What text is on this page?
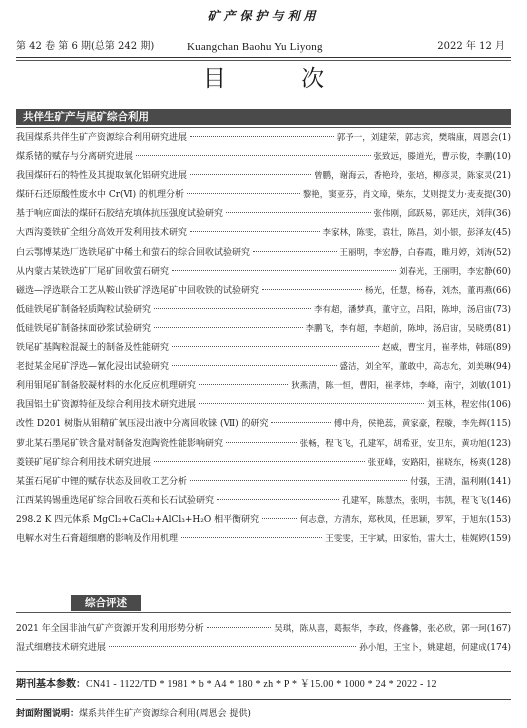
矿产保护与利用
第 42 卷 第 6 期(总第 242 期)	Kuangchan Baohu Yu Liyong	2022 年 12 月
目 次
共伴生矿产与尾矿综合利用
我国煤系共伴生矿产资源综合利用研究进展	郭予一，刘建荣，郭志宾，樊瑞康，周恩会 (1)
煤系锗的赋存与分离研究进展	张致远，滕道光，曹示俊，李鹏 (10)
我国煤矸石的特性及其提取氧化铝研究进展	曾鹏，谢海云，香艳玲，张培，柳彦灵，陈家灵 (21)
煤矸石还原酸性废水中 Cr(Ⅵ) 的机理分析	黎艳，窦亚芬，肖文璋，柴东，艾则提艾力·麦麦提 (30)
基于响应面法的煤矸石胶结充填体抗压强度试验研究	张伟刚，邱跃易，郭廷庆，刘萍 (36)
大西沟菱铁矿全组分高效开发利用技术研究	李家林，陈雯，袁壮，陈昌，刘小银，彭泽友 (45)
白云鄂博某选厂选铁尾矿中稀土和萤石的综合回收试验研究	王丽明，李宏静，白春霞，睢月婷，刘涛 (52)
从内蒙古某铁选矿厂尾矿回收萤石研究	刘春光，王丽明，李宏静 (60)
磁选—浮选联合工艺从鞍山铁矿浮选尾矿中回收铁的试验研究	杨光，任慧，杨春，刘杰，董再燕 (66)
低硅铁尾矿制备轻质陶粒试验研究	李有超，潘梦真，董守立，吕阳，陈坤，汤启宙 (73)
低硅铁尾矿制备抹面砂浆试验研究	李鹏飞，李有超，李超前，陈坤，汤启宙，吴晓勇 (81)
铁尾矿基陶粒混凝土的制备及性能研究	赵威，曹宝月，崔孝炜，韩瑶 (89)
老挝某金尾矿浮选—氰化浸出试验研究	盛洁，刘全军，董敢中，高志允，刘美琳 (94)
利用钼尾矿制备胶凝材料的水化反应机理研究	狄燕清，陈一恒，曹阳，崔孝炜，李峰，南宁，刘敏 (101)
我国铝土矿资源特征及综合利用技术研究进展	刘玉林，程宏伟 (106)
改性 D201 树脂从钼精矿氧压浸出液中分离回收铼 (Ⅶ) 的研究	傅中舟，侯艳蕊，黄家豪，程璇，李先辉 (115)
萝北某石墨尾矿铁含量对制备发泡陶瓷性能影响研究	张畅，程飞飞，孔建军，胡希亚，安卫东，黄功旭 (123)
菱镁矿尾矿综合利用技术研究进展	张亚峰，安路阳，崔晓东，杨爽 (128)
某蛋石尾矿中锂的赋存状态及回收工艺分析	付强，王清，温利刚 (141)
江西某钨锡重选尾矿综合回收石英和长石试验研究	孔建军，陈慧杰，张明，韦凯，程飞飞 (146)
298.2 K 四元体系 MgCl₂+CaCl₂+AlCl₃+H₂O 相平衡研究	何志意，方清东，郑秋凤，任思颖，罗军，于旭东 (153)
电解水对生石膏超细磨的影响及作用机理	王雯雯，王宇斌，田家怡，雷大士，桂娓婷 (159)
综合评述
2021 年全国非油气矿产资源开发利用形势分析	吴琪，陈从喜，葛振华，李政，佟鑫馨，张必欣，郭一珂 (167)
湿式细磨技术研究进展	孙小旭，王宝卜，姚建超，何建成 (174)
期刊基本参数：CN41 - 1122/TD * 1981 * b * A4 * 180 * zh * P * ￥15.00 * 1000 * 24 * 2022 - 12
封面附图说明：煤系共伴生矿产资源综合利用(周恩会 提供)
